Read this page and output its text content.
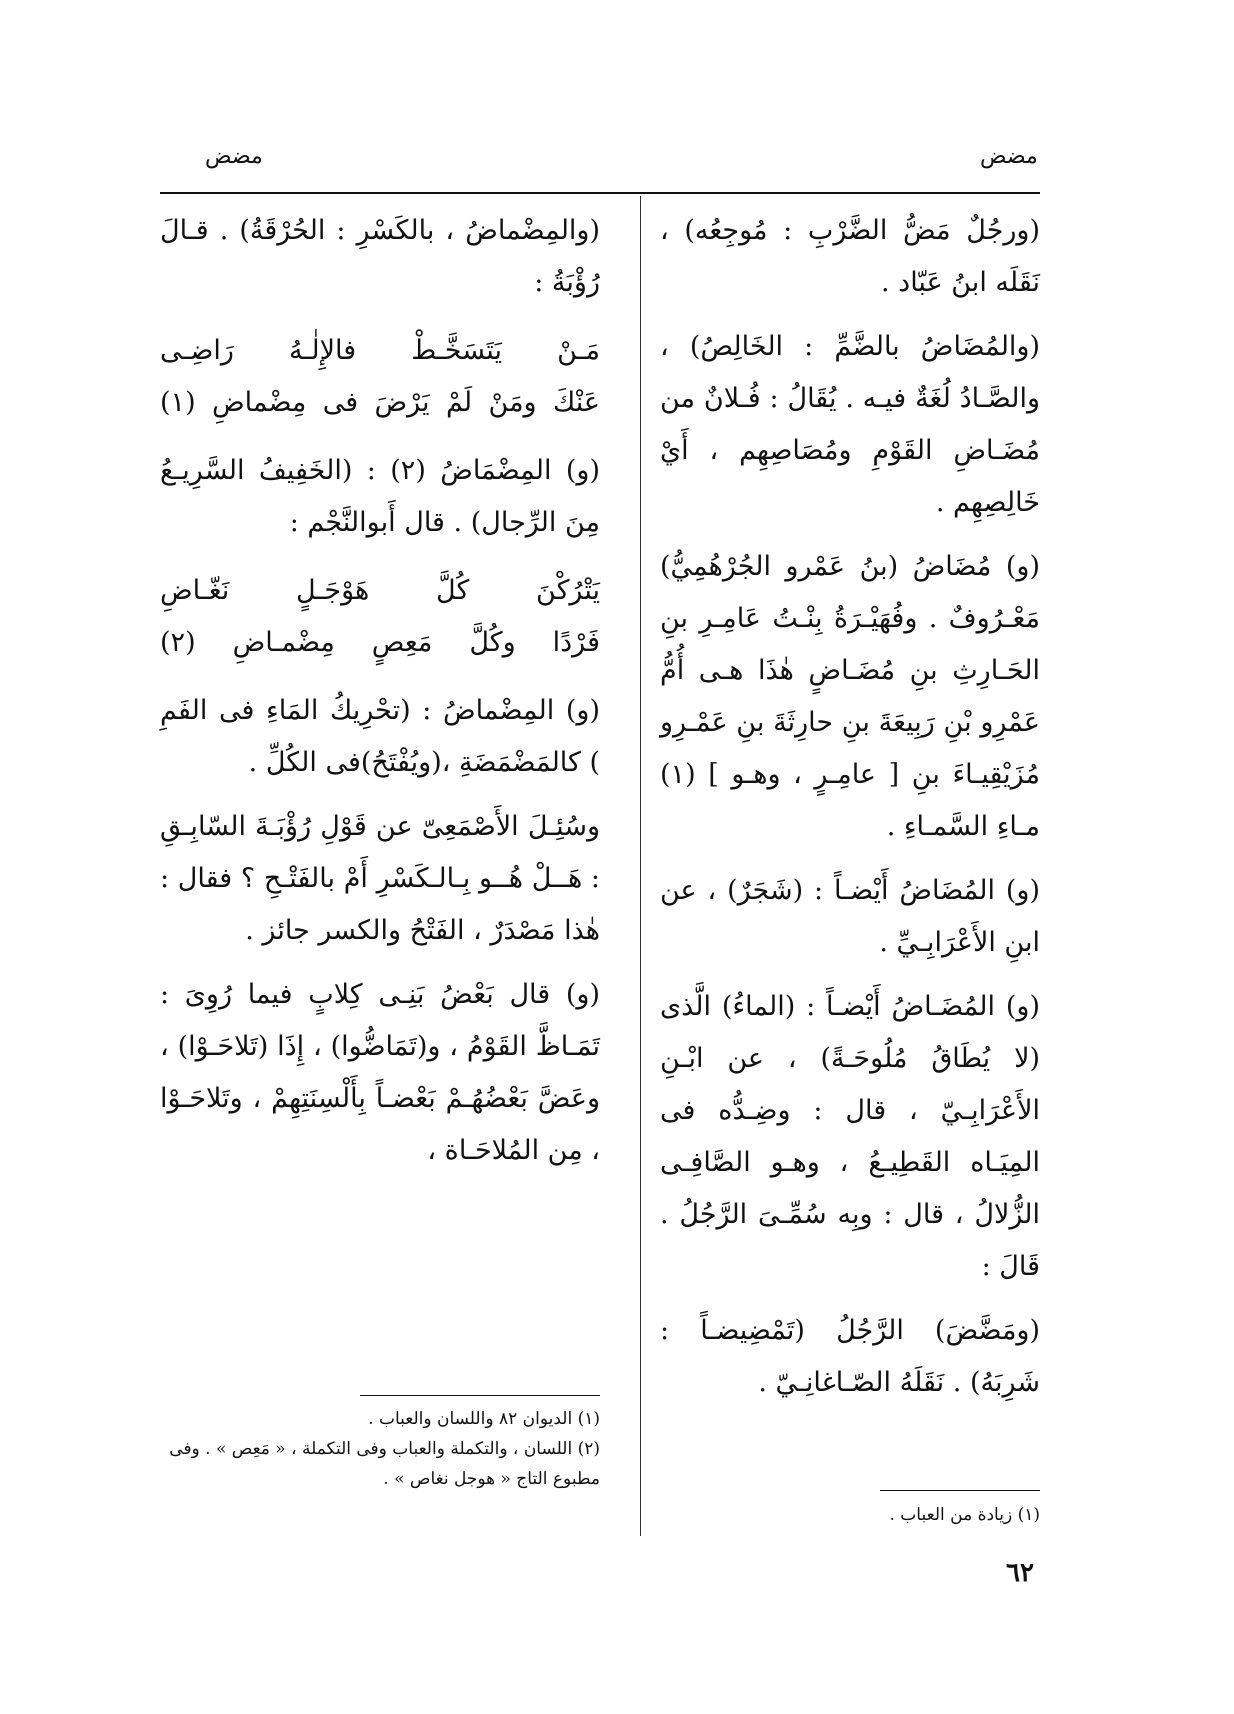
مضض	مضض

(ورجُلٌ مَضُّ الضَّرْبِ : مُوجِعُه) ، نَقَلَه ابنُ عَبّاد .

(والمُضَاضُ بالضَّمِّ : الخَالِصُ) ، والصَّـادُ لُغَةٌ فيـه . يُقَالُ : فُـلانٌ من مُضَـاضِ القَوْمِ ومُصَاصِهِم ، أَيْ خَالِصِهِم .

(و) مُضَاضُ (بنُ عَمْرو الجُرْهُمِيُّ) مَعْـرُوفٌ . وفُهَيْـرَةُ بِنْـتُ عَامِـرِ بنِ الحَـارِثِ بنِ مُضَـاضٍ هٰذَا هـى أُمُّ عَمْرِو بْنِ رَبِيعَةَ بنِ حارِثَةَ بنِ عَمْـرِو مُزَيْقِيـاءَ بنِ [ عامِـرٍ ، وهـو ] (١) مـاءِ السَّمـاءِ .

(و) المُضَاضُ أَيْضـاً : (شَجَرٌ) ، عن ابنِ الأَعْرَابِـيِّ .

(و) المُضَـاضُ أَيْضـاً : (الماءُ) الَّذى (لا يُطَاقُ مُلُوحَـةً) ، عن ابْـنِ الأَعْرَابِـيّ ، قال : وضِـدُّه فى المِيَـاه القَطِيـعُ ، وهـو الصَّافِـى الزُّلالُ ، قال : وبِه سُمِّـىَ الرَّجُلُ . قَالَ :

(ومَضَّضَ) الرَّجُلُ (تَمْضِيضـاً : شَرِبَهُ) . نَقَلَهُ الصّـاغانِـيّ .

(والمِضْماضُ ، بالكَسْرِ : الحُرْقَةُ) . قـالَ رُؤْبَةُ :

مَـنْ يَتَسَخَّـطْ فالإِلٰـهُ رَاضِـى
عَنْكَ ومَنْ لَمْ يَرْضَ فى مِضْماضِ (١)

(و) المِضْمَاضُ (٢) : (الخَفِيفُ السَّرِيـعُ مِنَ الرِّجال) . قال أَبوالنَّجْم :

يَتْرُكْنَ كُلَّ هَوْجَـلٍ نَغّـاضِ
فَرْدًا وكُلَّ مَعِصٍ مِضْمـاضِ (٢)

(و) المِضْماضُ : (تحْرِيكُ المَاءِ فى الفَمِ ) كالمَضْمَضَةِ ،(ويُفْتَحُ)فى الكُلِّ .

وسُئِـلَ الأَصْمَعِىّ عن قَوْلِ رُؤْبَـةَ السّابِـقِ : هَــلْ هُــو بِـالـكَسْرِ أَمْ بالفَتْـحِ ؟ فقال : هٰذا مَصْدَرٌ ، الفَتْحُ والكسر جائز .

(و) قال بَعْضُ بَنِـى كِلابٍ فيما رُوِىَ : تَمَـاظَّ القَوْمُ ، و(تَمَاضُّوا) ، إِذَا (تَلاحَـوْا) ، وعَضَّ بَعْضُهُـمْ بَعْضـاً بِأَلْسِنَتِهِمْ ، وتَلاحَـوْا ، مِن المُلاحَـاة ،

(١) الديوان ٨٢ واللسان والعباب .
(٢) اللسان ، والتكملة والعباب وفى التكملة ، « مَعِص » . وفى مطبوع التاج « هوجل نغاص » .
(١) زيادة من العباب .
٦٢
